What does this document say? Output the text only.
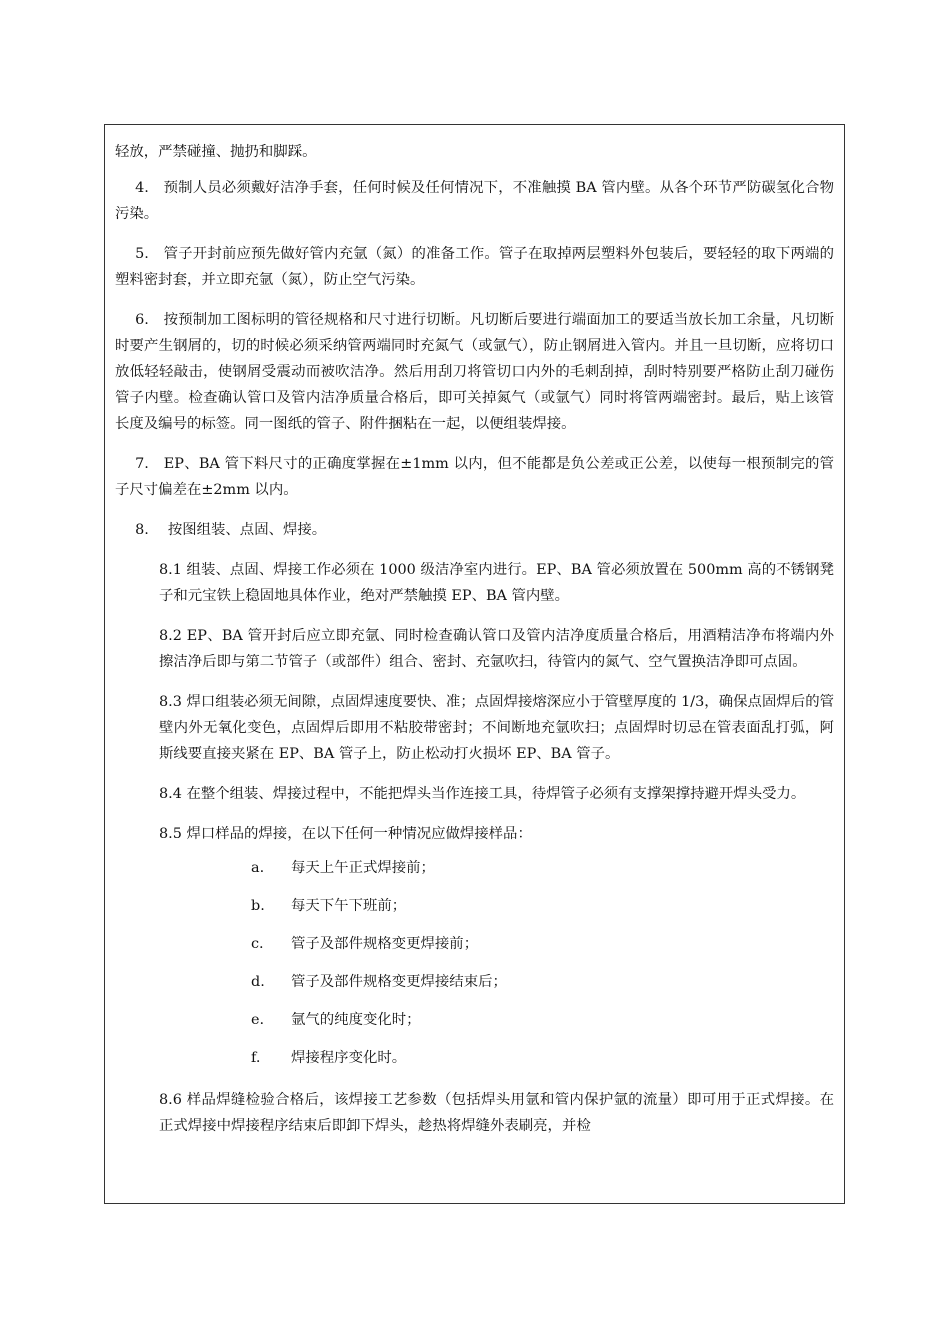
轻放，严禁碰撞、抛扔和脚踩。

4.　预制人员必须戴好洁净手套，任何时候及任何情况下，不准触摸 BA 管内壁。从各个环节严防碳氢化合物污染。

5.　管子开封前应预先做好管内充氩（氮）的准备工作。管子在取掉两层塑料外包装后，要轻轻的取下两端的塑料密封套，并立即充氩（氮），防止空气污染。

6.　按预制加工图标明的管径规格和尺寸进行切断。凡切断后要进行端面加工的要适当放长加工余量，凡切断时要产生钢屑的，切的时候必须采纳管两端同时充氮气（或氩气），防止钢屑进入管内。并且一旦切断，应将切口放低轻轻敲击，使钢屑受震动而被吹洁净。然后用刮刀将管切口内外的毛刺刮掉，刮时特别要严格防止刮刀碰伤管子内壁。检查确认管口及管内洁净质量合格后，即可关掉氮气（或氩气）同时将管两端密封。最后，贴上该管长度及编号的标签。同一图纸的管子、附件捆粘在一起，以便组装焊接。

7.　EP、BA 管下料尺寸的正确度掌握在±1mm 以内，但不能都是负公差或正公差，以使每一根预制完的管子尺寸偏差在±2mm 以内。

8.　 按图组装、点固、焊接。

8.1 组装、点固、焊接工作必须在 1000 级洁净室内进行。EP、BA 管必须放置在 500mm 高的不锈钢凳子和元宝铁上稳固地具体作业，绝对严禁触摸 EP、BA 管内壁。

8.2 EP、BA 管开封后应立即充氩、同时检查确认管口及管内洁净度质量合格后，用酒精洁净布将端内外擦洁净后即与第二节管子（或部件）组合、密封、充氩吹扫，待管内的氮气、空气置换洁净即可点固。

8.3 焊口组装必须无间隙，点固焊速度要快、准；点固焊接熔深应小于管壁厚度的 1/3，确保点固焊后的管壁内外无氧化变色，点固焊后即用不粘胶带密封；不间断地充氩吹扫；点固焊时切忌在管表面乱打弧，阿斯线要直接夹紧在 EP、BA 管子上，防止松动打火损坏 EP、BA 管子。

8.4 在整个组装、焊接过程中，不能把焊头当作连接工具，待焊管子必须有支撑架撑持避开焊头受力。

8.5 焊口样品的焊接，在以下任何一种情况应做焊接样品：

a. 每天上午正式焊接前；
b. 每天下午下班前；
c. 管子及部件规格变更焊接前；
d. 管子及部件规格变更焊接结束后；
e. 氩气的纯度变化时；
f. 焊接程序变化时。

8.6 样品焊缝检验合格后，该焊接工艺参数（包括焊头用氩和管内保护氩的流量）即可用于正式焊接。在正式焊接中焊接程序结束后即卸下焊头，趁热将焊缝外表刷亮，并检
